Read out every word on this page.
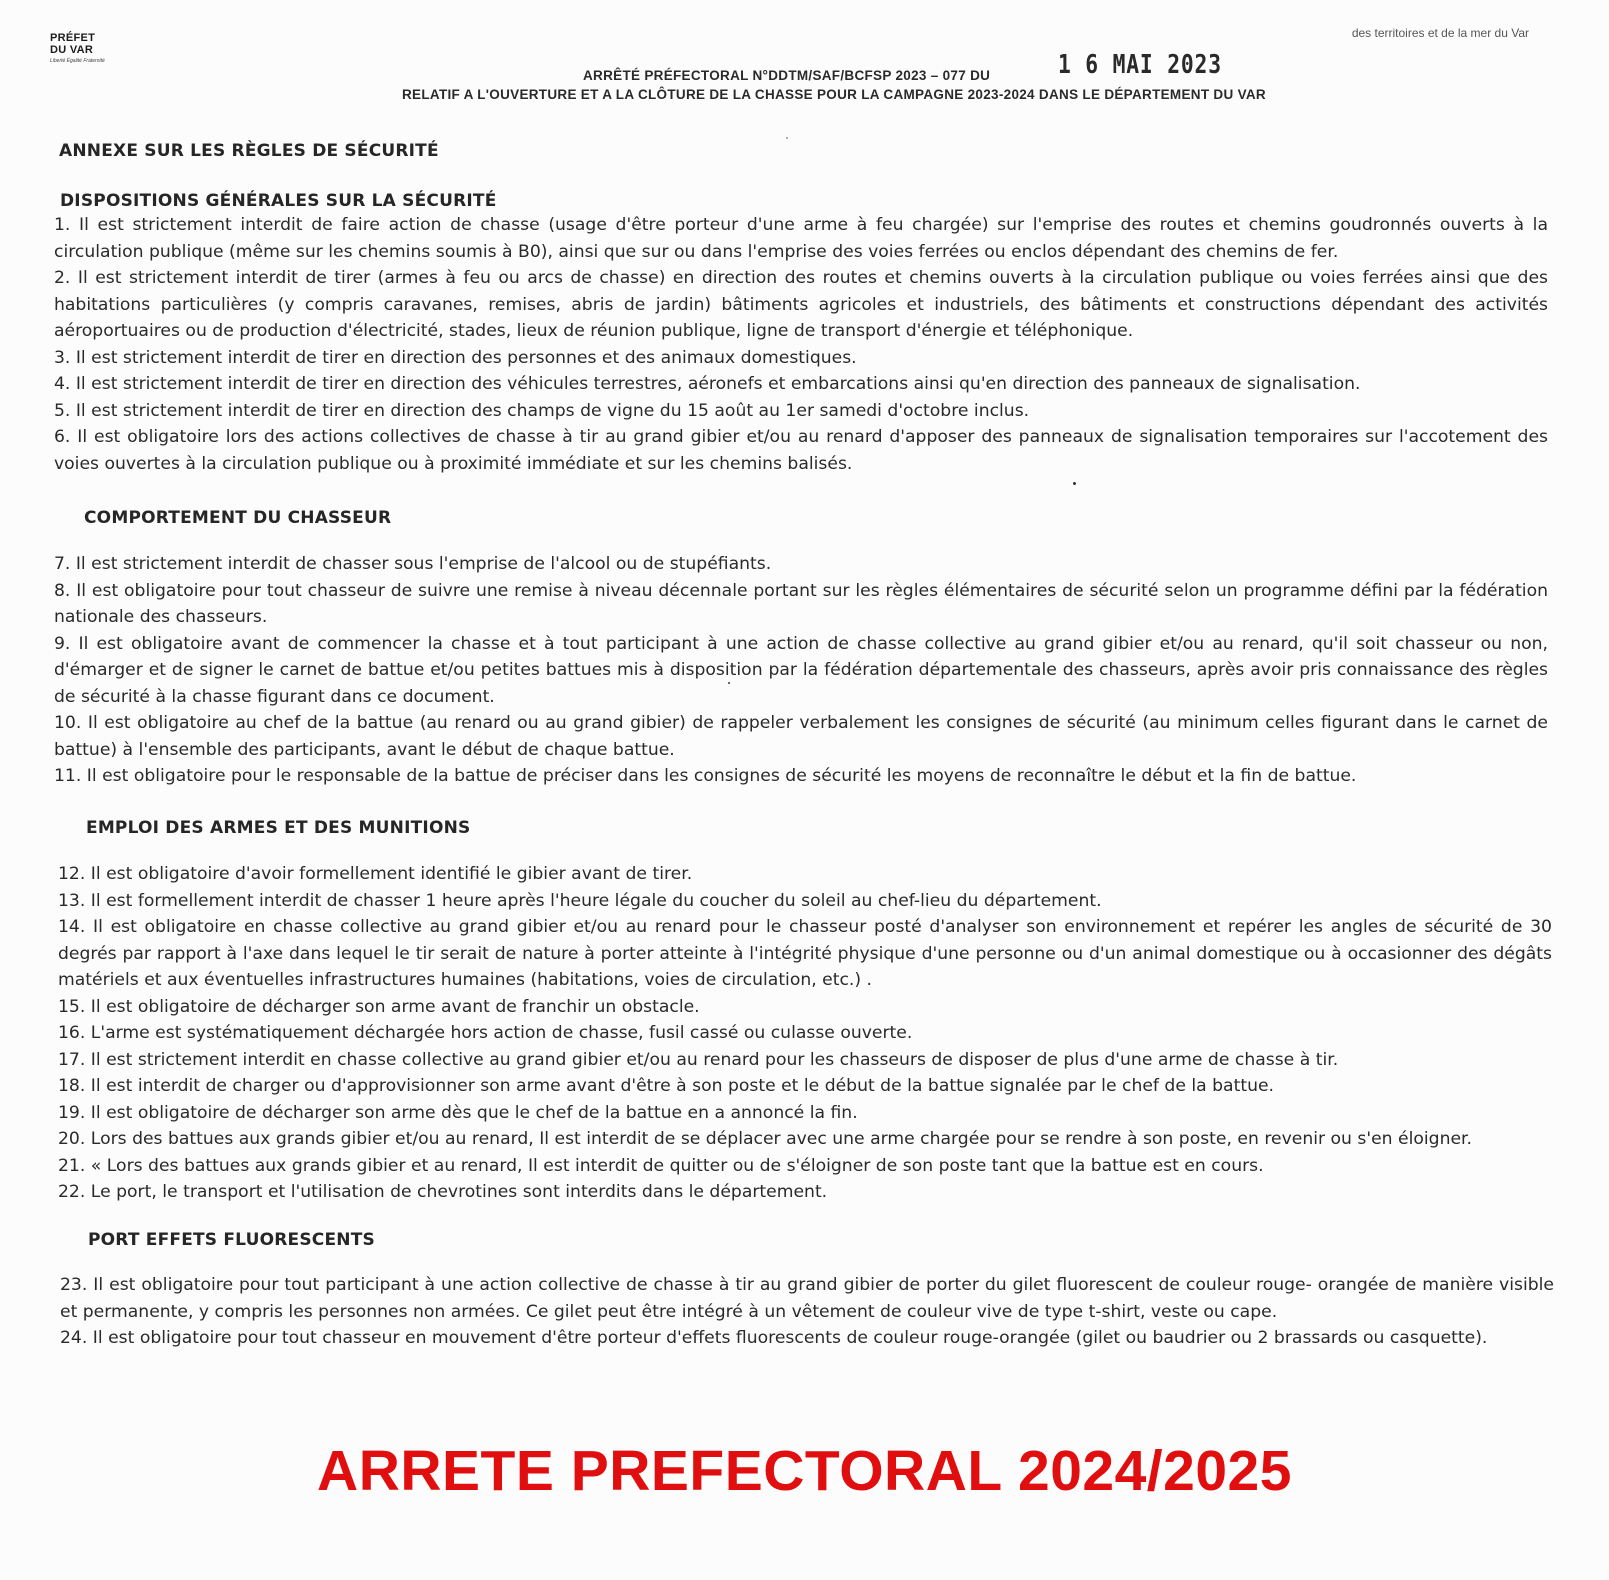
PRÉFET
DU VAR
Liberté Égalité Fraternité
des territoires et de la mer du Var
ARRÊTÉ PRÉFECTORAL N°DDTM/SAF/BCFSP 2023 – 077 DU	1 6 MAI 2023
RELATIF A L'OUVERTURE ET A LA CLÔTURE DE LA CHASSE POUR LA CAMPAGNE 2023-2024 DANS LE DÉPARTEMENT DU VAR
ANNEXE SUR LES RÈGLES DE SÉCURITÉ
DISPOSITIONS GÉNÉRALES SUR LA SÉCURITÉ

1. Il est strictement interdit de faire action de chasse (usage d'être porteur d'une arme à feu chargée) sur l'emprise des routes et chemins goudronnés ouverts à la circulation publique (même sur les chemins soumis à B0), ainsi que sur ou dans l'emprise des voies ferrées ou enclos dépendant des chemins de fer.

2. Il est strictement interdit de tirer (armes à feu ou arcs de chasse) en direction des routes et chemins ouverts à la circulation publique ou voies ferrées ainsi que des habitations particulières (y compris caravanes, remises, abris de jardin) bâtiments agricoles et industriels, des bâtiments et constructions dépendant des activités aéroportuaires ou de production d'électricité, stades, lieux de réunion publique, ligne de transport d'énergie et téléphonique.

3. Il est strictement interdit de tirer en direction des personnes et des animaux domestiques.

4. Il est strictement interdit de tirer en direction des véhicules terrestres, aéronefs et embarcations ainsi qu'en direction des panneaux de signalisation.

5. Il est strictement interdit de tirer en direction des champs de vigne du 15 août au 1er samedi d'octobre inclus.

6. Il est obligatoire lors des actions collectives de chasse à tir au grand gibier et/ou au renard d'apposer des panneaux de signalisation temporaires sur l'accotement des voies ouvertes à la circulation publique ou à proximité immédiate et sur les chemins balisés.

COMPORTEMENT DU CHASSEUR

7. Il est strictement interdit de chasser sous l'emprise de l'alcool ou de stupéfiants.

8. Il est obligatoire pour tout chasseur de suivre une remise à niveau décennale portant sur les règles élémentaires de sécurité selon un programme défini par la fédération nationale des chasseurs.

9. Il est obligatoire avant de commencer la chasse et à tout participant à une action de chasse collective au grand gibier et/ou au renard, qu'il soit chasseur ou non, d'émarger et de signer le carnet de battue et/ou petites battues mis à disposition par la fédération départementale des chasseurs, après avoir pris connaissance des règles de sécurité à la chasse figurant dans ce document.

10. Il est obligatoire au chef de la battue (au renard ou au grand gibier) de rappeler verbalement les consignes de sécurité (au minimum celles figurant dans le carnet de battue) à l'ensemble des participants, avant le début de chaque battue.

11. Il est obligatoire pour le responsable de la battue de préciser dans les consignes de sécurité les moyens de reconnaître le début et la fin de battue.

EMPLOI DES ARMES ET DES MUNITIONS

12. Il est obligatoire d'avoir formellement identifié le gibier avant de tirer.

13. Il est formellement interdit de chasser 1 heure après l'heure légale du coucher du soleil au chef-lieu du département.

14. Il est obligatoire en chasse collective au grand gibier et/ou au renard pour le chasseur posté d'analyser son environnement et repérer les angles de sécurité de 30 degrés par rapport à l'axe dans lequel le tir serait de nature à porter atteinte à l'intégrité physique d'une personne ou d'un animal domestique ou à occasionner des dégâts matériels et aux éventuelles infrastructures humaines (habitations, voies de circulation, etc.) .

15. Il est obligatoire de décharger son arme avant de franchir un obstacle.

16. L'arme est systématiquement déchargée hors action de chasse, fusil cassé ou culasse ouverte.

17. Il est strictement interdit en chasse collective au grand gibier et/ou au renard pour les chasseurs de disposer de plus d'une arme de chasse à tir.

18. Il est interdit de charger ou d'approvisionner son arme avant d'être à son poste et le début de la battue signalée par le chef de la battue.

19. Il est obligatoire de décharger son arme dès que le chef de la battue en a annoncé la fin.

20. Lors des battues aux grands gibier et/ou au renard, Il est interdit de se déplacer avec une arme chargée pour se rendre à son poste, en revenir ou s'en éloigner.

21. « Lors des battues aux grands gibier et au renard, Il est interdit de quitter ou de s'éloigner de son poste tant que la battue est en cours.

22. Le port, le transport et l'utilisation de chevrotines sont interdits dans le département.

PORT EFFETS FLUORESCENTS

23. Il est obligatoire pour tout participant à une action collective de chasse à tir au grand gibier de porter du gilet fluorescent de couleur rouge- orangée de manière visible et permanente, y compris les personnes non armées. Ce gilet peut être intégré à un vêtement de couleur vive de type t-shirt, veste ou cape.

24. Il est obligatoire pour tout chasseur en mouvement d'être porteur d'effets fluorescents de couleur rouge-orangée (gilet ou baudrier ou 2 brassards ou casquette).

ARRETE PREFECTORAL 2024/2025
